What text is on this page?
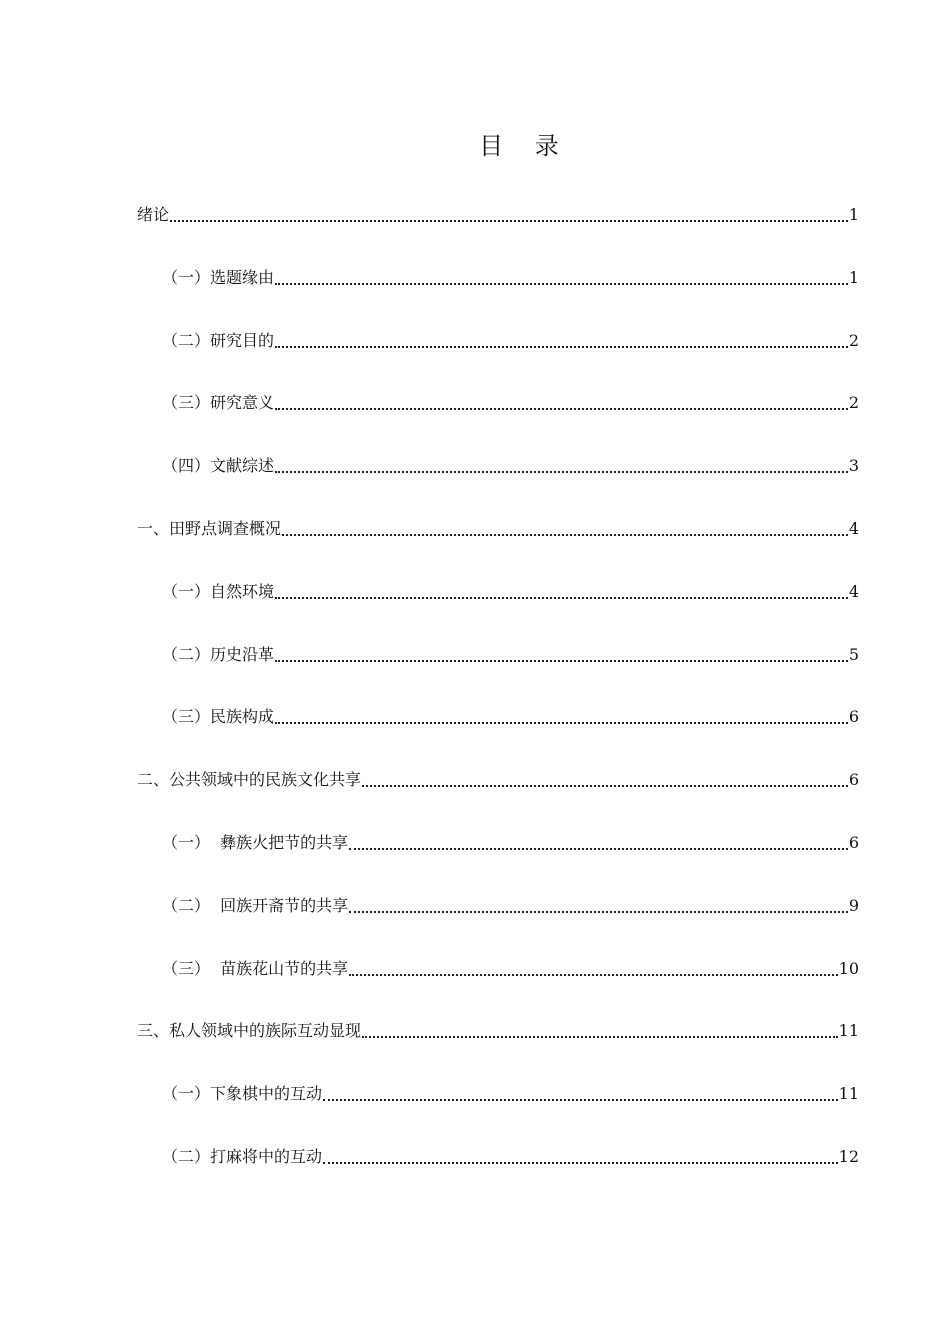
目 录
绪论	1
（一）选题缘由	1
（二）研究目的	2
（三）研究意义	2
（四）文献综述	3
一、田野点调查概况	4
（一）自然环境	4
（二）历史沿革	5
（三）民族构成	6
二、公共领域中的民族文化共享	6
（一）  彝族火把节的共享	6
（二）  回族开斋节的共享	9
（三）  苗族花山节的共享	10
三、私人领域中的族际互动显现	11
（一）下象棋中的互动	11
（二）打麻将中的互动	12
